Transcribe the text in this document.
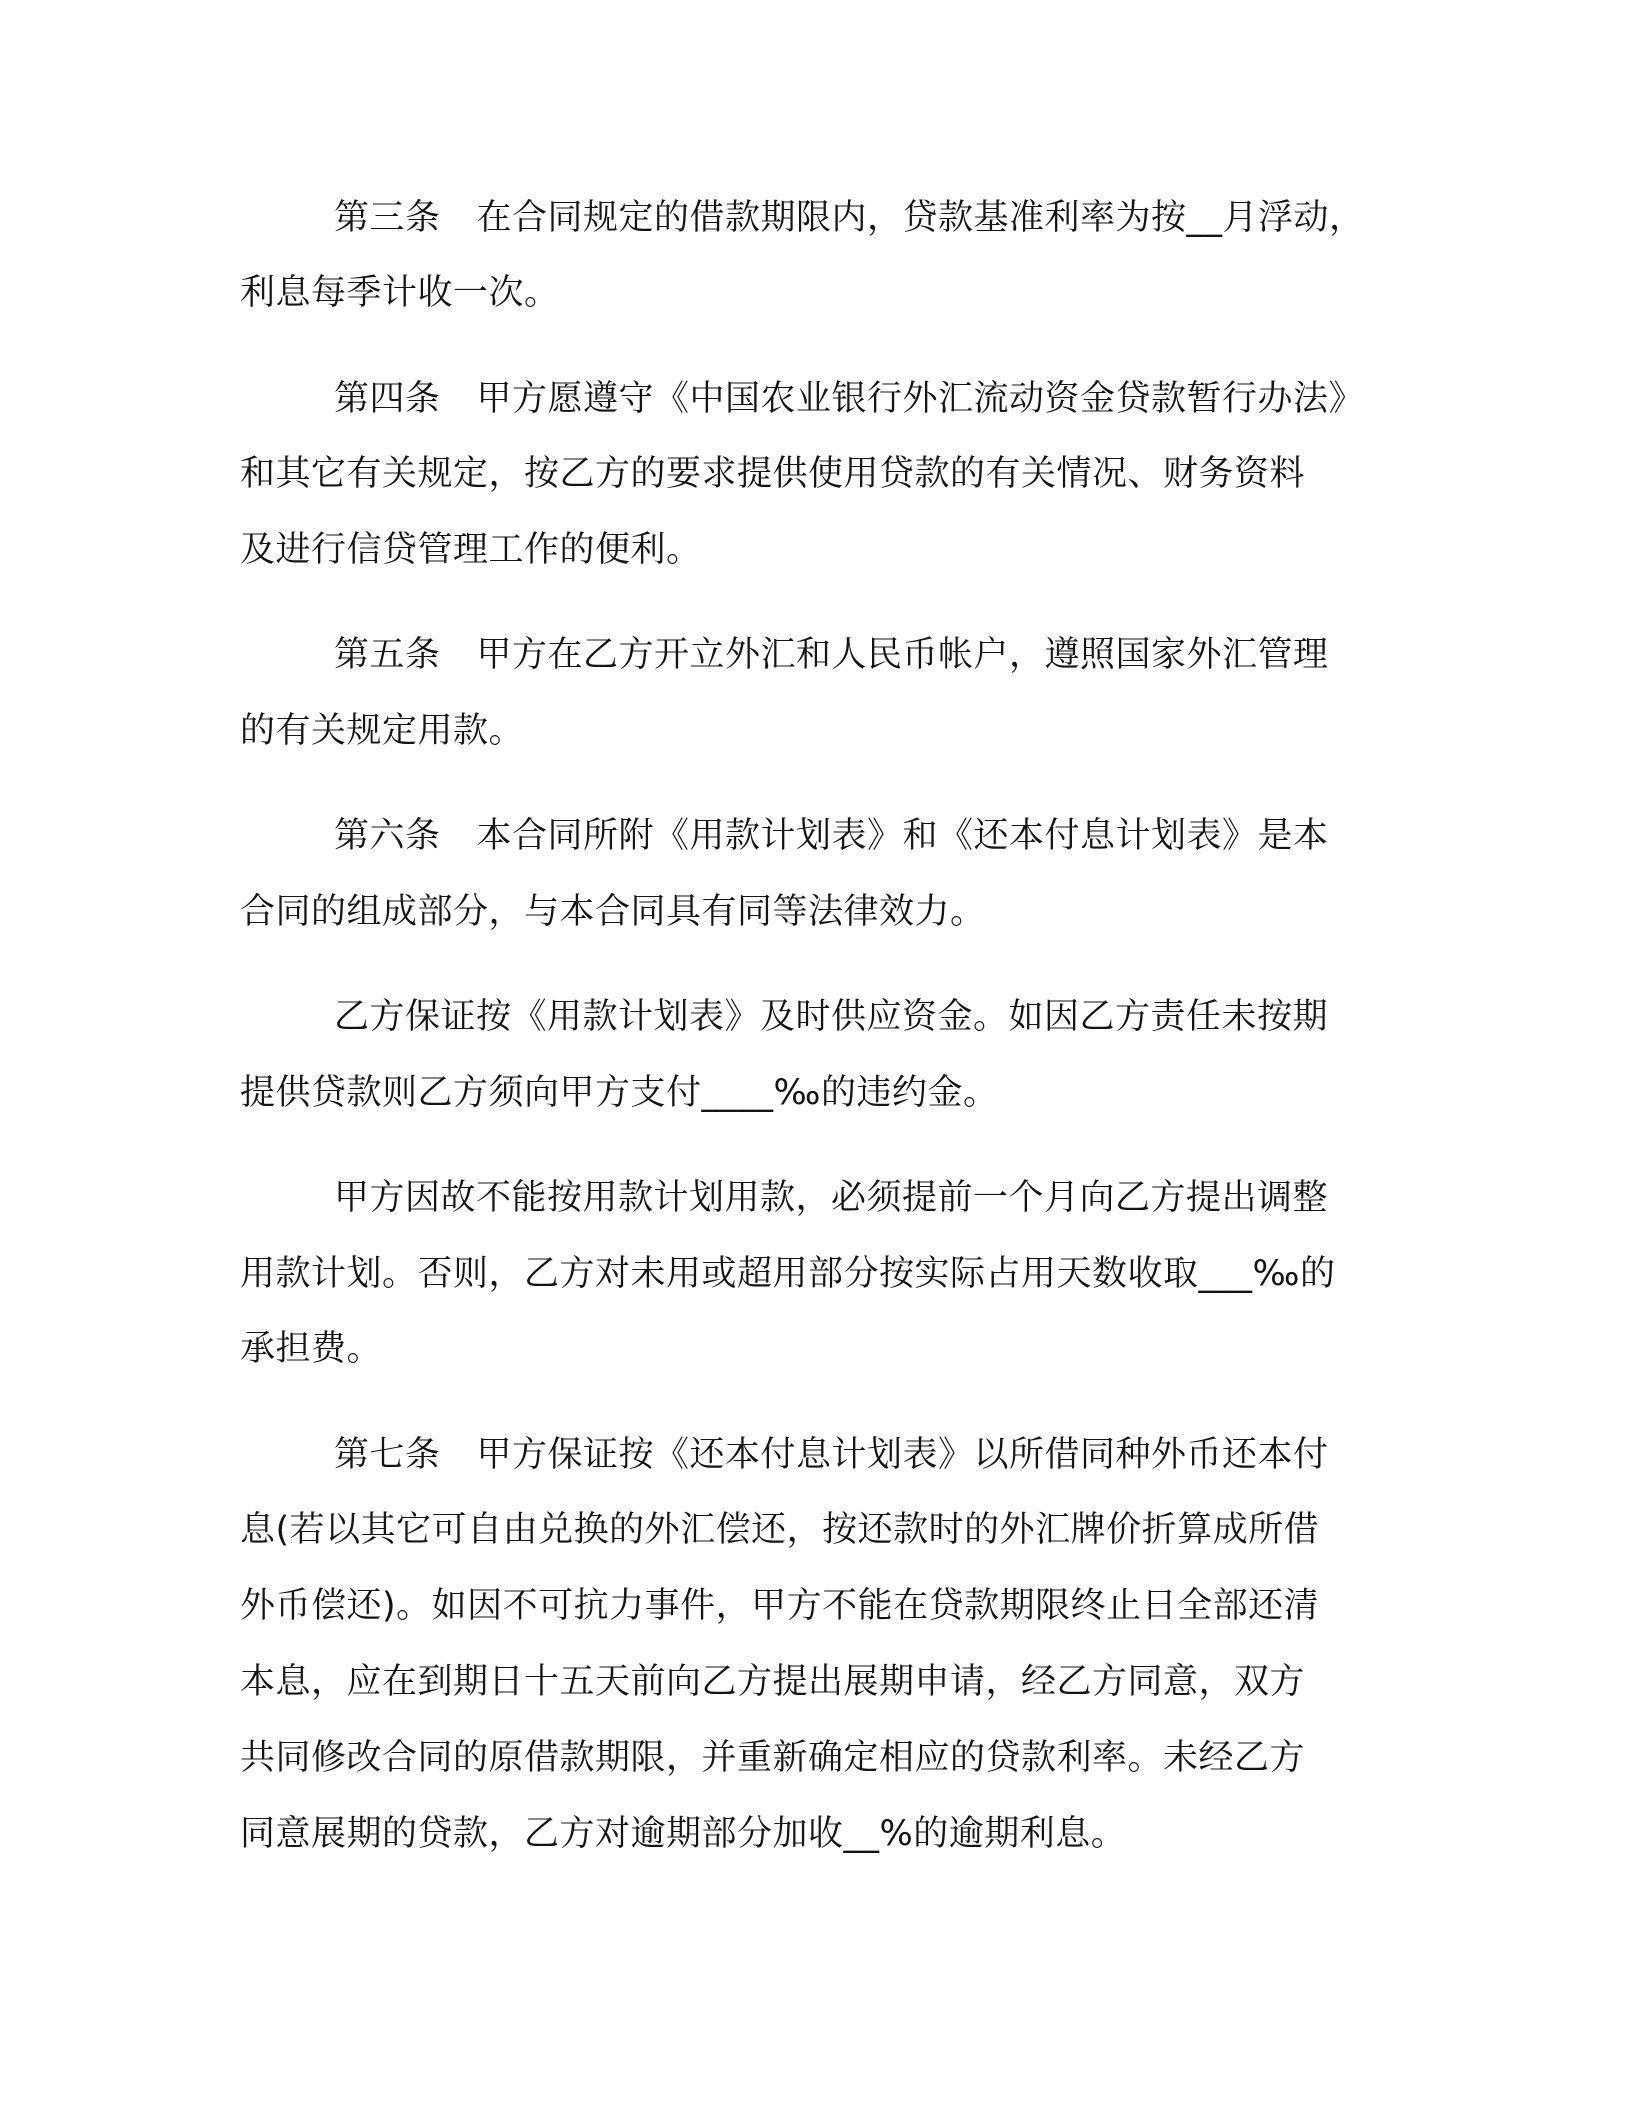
第三条 在合同规定的借款期限内，贷款基准利率为按__月浮动，
利息每季计收一次。
第四条 甲方愿遵守《中国农业银行外汇流动资金贷款暂行办法》
和其它有关规定，按乙方的要求提供使用贷款的有关情况、财务资料
及进行信贷管理工作的便利。
第五条 甲方在乙方开立外汇和人民币帐户，遵照国家外汇管理
的有关规定用款。
第六条 本合同所附《用款计划表》和《还本付息计划表》是本
合同的组成部分，与本合同具有同等法律效力。
乙方保证按《用款计划表》及时供应资金。如因乙方责任未按期
提供贷款则乙方须向甲方支付____‰的违约金。
甲方因故不能按用款计划用款，必须提前一个月向乙方提出调整
用款计划。否则，乙方对未用或超用部分按实际占用天数收取___‰的
承担费。
第七条 甲方保证按《还本付息计划表》以所借同种外币还本付
息(若以其它可自由兑换的外汇偿还，按还款时的外汇牌价折算成所借
外币偿还)。如因不可抗力事件，甲方不能在贷款期限终止日全部还清
本息，应在到期日十五天前向乙方提出展期申请，经乙方同意，双方
共同修改合同的原借款期限，并重新确定相应的贷款利率。未经乙方
同意展期的贷款，乙方对逾期部分加收__%的逾期利息。
